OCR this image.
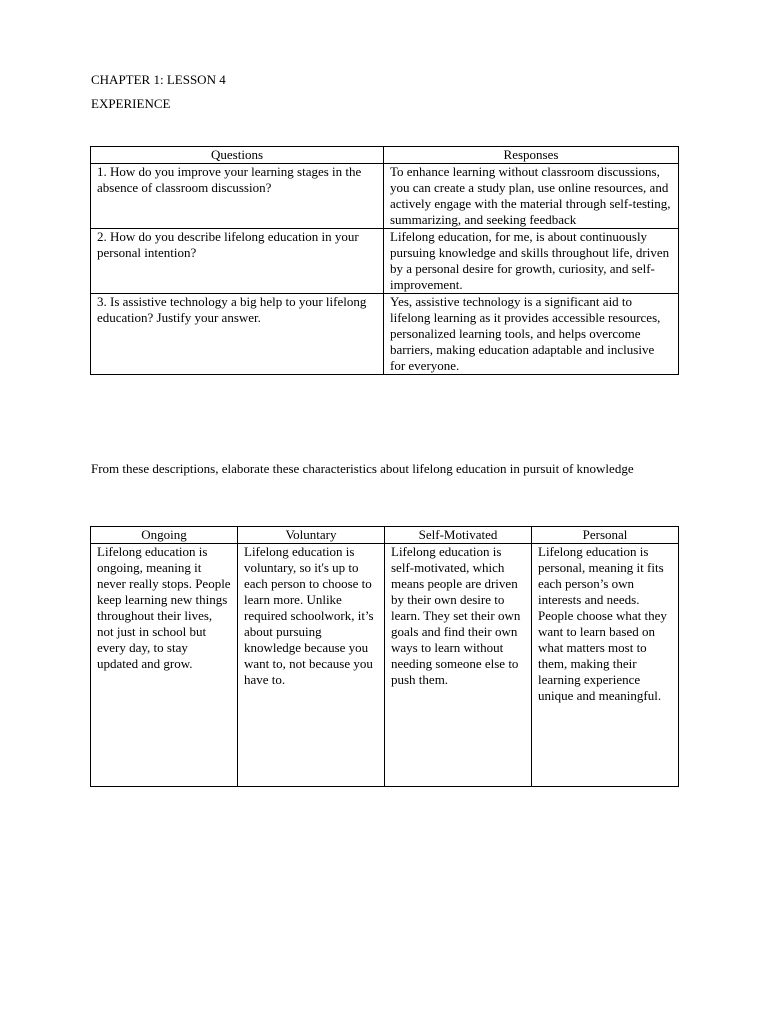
CHAPTER 1: LESSON 4
EXPERIENCE
Questions	Responses
1. How do you improve your learning stages in the absence of classroom discussion?	To enhance learning without classroom discussions, you can create a study plan, use online resources, and actively engage with the material through self-testing, summarizing, and seeking feedback
2. How do you describe lifelong education in your personal intention?	Lifelong education, for me, is about continuously pursuing knowledge and skills throughout life, driven by a personal desire for growth, curiosity, and self-improvement.
3. Is assistive technology a big help to your lifelong education? Justify your answer.	Yes, assistive technology is a significant aid to lifelong learning as it provides accessible resources, personalized learning tools, and helps overcome barriers, making education adaptable and inclusive for everyone.
From these descriptions, elaborate these characteristics about lifelong education in pursuit of knowledge
Ongoing	Voluntary	Self-Motivated	Personal
Lifelong education is ongoing, meaning it never really stops. People keep learning new things throughout their lives, not just in school but every day, to stay updated and grow.	Lifelong education is voluntary, so it's up to each person to choose to learn more. Unlike required schoolwork, it’s about pursuing knowledge because you want to, not because you have to.	Lifelong education is self-motivated, which means people are driven by their own desire to learn. They set their own goals and find their own ways to learn without needing someone else to push them.	Lifelong education is personal, meaning it fits each person’s own interests and needs. People choose what they want to learn based on what matters most to them, making their learning experience unique and meaningful.
